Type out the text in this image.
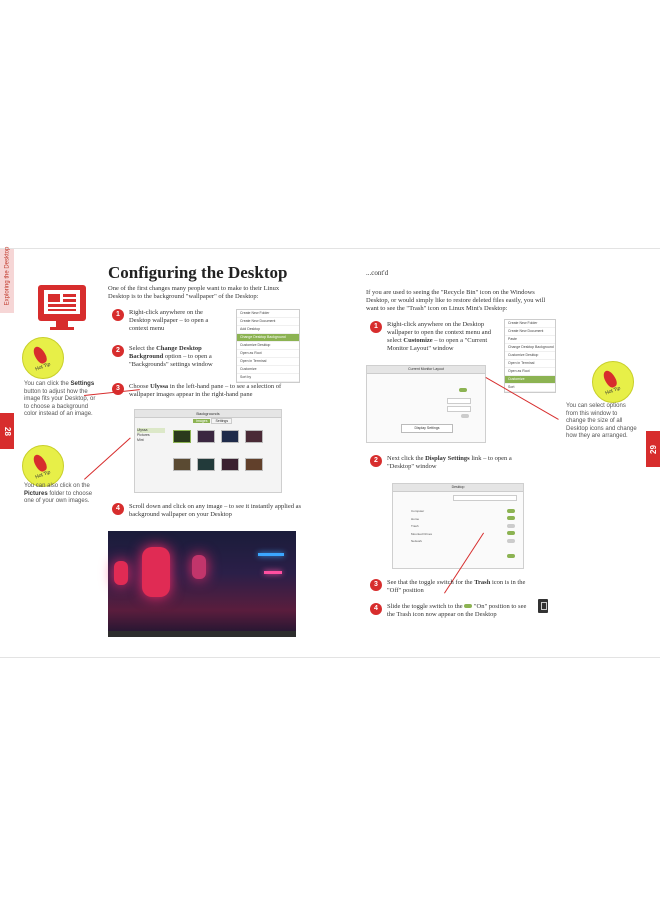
Exploring the Desktop
28
29
Configuring the Desktop
One of the first changes many people want to make to their Linux Desktop is to the background "wallpaper" of the Desktop:
Hot Tip
You can click the Settings button to adjust how the image fits your Desktop, or to choose a background color instead of an image.
Hot Tip
You can also click on the Pictures folder to choose one of your own images.
1	Right-click anywhere on the Desktop wallpaper – to open a context menu
2	Select the Change Desktop Background option – to open a "Backgrounds" settings window
3	Choose Ulyssa in the left-hand pane – to see a selection of wallpaper images appear in the right-hand pane
4	Scroll down and click on any image – to see it instantly applied as background wallpaper on your Desktop
Create New Folder
Create New Document
Add Desktop
Change Desktop Background
Customize Desktop
Open as Root
Open in Terminal
Customize
Sort by
Backgrounds
Images Settings
Ulyssa
Pictures
Mint
...cont'd
If you are used to seeing the "Recycle Bin" icon on the Windows Desktop, or would simply like to restore deleted files easily, you will want to see the "Trash" icon on Linux Mint's Desktop:
1	Right-click anywhere on the Desktop wallpaper to open the context menu and select Customize – to open a "Current Monitor Layout" window
Create New Folder
Create New Document
Paste
Change Desktop Background
Customize Desktop
Open in Terminal
Open as Root
Customize
Sort	Hot Tip
You can select options from this window to change the size of all Desktop icons and change how they are arranged.
Current Monitor Layout
Display Settings
2	Next click the Display Settings link – to open a "Desktop" window
Desktop
Computer
Home
Trash
Mounted Drives
Network
3	See that the toggle switch for the Trash icon is in the "Off" position
4	Slide the toggle switch to the  "On" position to see the Trash icon now appear on the Desktop
